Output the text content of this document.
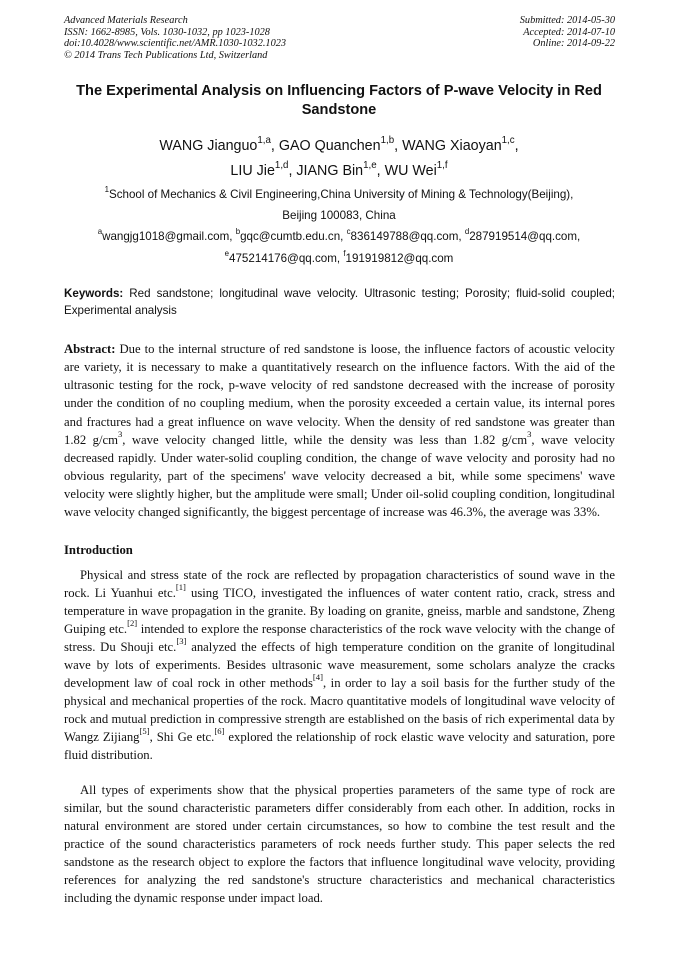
Advanced Materials Research
ISSN: 1662-8985, Vols. 1030-1032, pp 1023-1028
doi:10.4028/www.scientific.net/AMR.1030-1032.1023
© 2014 Trans Tech Publications Ltd, Switzerland
Submitted: 2014-05-30
Accepted: 2014-07-10
Online: 2014-09-22
The Experimental Analysis on Influencing Factors of P-wave Velocity in Red Sandstone
WANG Jianguo$^{1,a}$, GAO Quanchen$^{1,b}$, WANG Xiaoyan$^{1,c}$,
LIU Jie$^{1,d}$, JIANG Bin$^{1,e}$, WU Wei$^{1,f}$
$^1$School of Mechanics & Civil Engineering,China University of Mining & Technology(Beijing),
Beijing 100083, China
$^a$wangjg1018@gmail.com, $^b$gqc@cumtb.edu.cn, $^c$836149788@qq.com, $^d$287919514@qq.com,
$^e$475214176@qq.com, $^f$191919812@qq.com
Keywords: Red sandstone; longitudinal wave velocity. Ultrasonic testing; Porosity; fluid-solid coupled; Experimental analysis
Abstract: Due to the internal structure of red sandstone is loose, the influence factors of acoustic velocity are variety, it is necessary to make a quantitatively research on the influence factors. With the aid of the ultrasonic testing for the rock, p-wave velocity of red sandstone decreased with the increase of porosity under the condition of no coupling medium, when the porosity exceeded a certain value, its internal pores and fractures had a great influence on wave velocity. When the density of red sandstone was greater than 1.82 $g/cm^3$, wave velocity changed little, while the density was less than 1.82 $g/cm^3$, wave velocity decreased rapidly. Under water-solid coupling condition, the change of wave velocity and porosity had no obvious regularity, part of the specimens' wave velocity decreased a bit, while some specimens' wave velocity were slightly higher, but the amplitude were small; Under oil-solid coupling condition, longitudinal wave velocity changed significantly, the biggest percentage of increase was 46.3%, the average was 33%.
Introduction
Physical and stress state of the rock are reflected by propagation characteristics of sound wave in the rock. Li Yuanhui etc.[1] using TICO, investigated the influences of water content ratio, crack, stress and temperature in wave propagation in the granite. By loading on granite, gneiss, marble and sandstone, Zheng Guiping etc.[2] intended to explore the response characteristics of the rock wave velocity with the change of stress. Du Shouji etc.[3] analyzed the effects of high temperature condition on the granite of longitudinal wave by lots of experiments. Besides ultrasonic wave measurement, some scholars analyze the cracks development law of coal rock in other methods[4], in order to lay a soil basis for the further study of the physical and mechanical properties of the rock. Macro quantitative models of longitudinal wave velocity of rock and mutual prediction in compressive strength are established on the basis of rich experimental data by Wangz Zijiang[5], Shi Ge etc.[6] explored the relationship of rock elastic wave velocity and saturation, pore fluid distribution.
All types of experiments show that the physical properties parameters of the same type of rock are similar, but the sound characteristic parameters differ considerably from each other. In addition, rocks in natural environment are stored under certain circumstances, so how to combine the test result and the practice of the sound characteristics parameters of rock needs further study. This paper selects the red sandstone as the research object to explore the factors that influence longitudinal wave velocity, providing references for analyzing the red sandstone's structure characteristics and mechanical characteristics including the dynamic response under impact load.
